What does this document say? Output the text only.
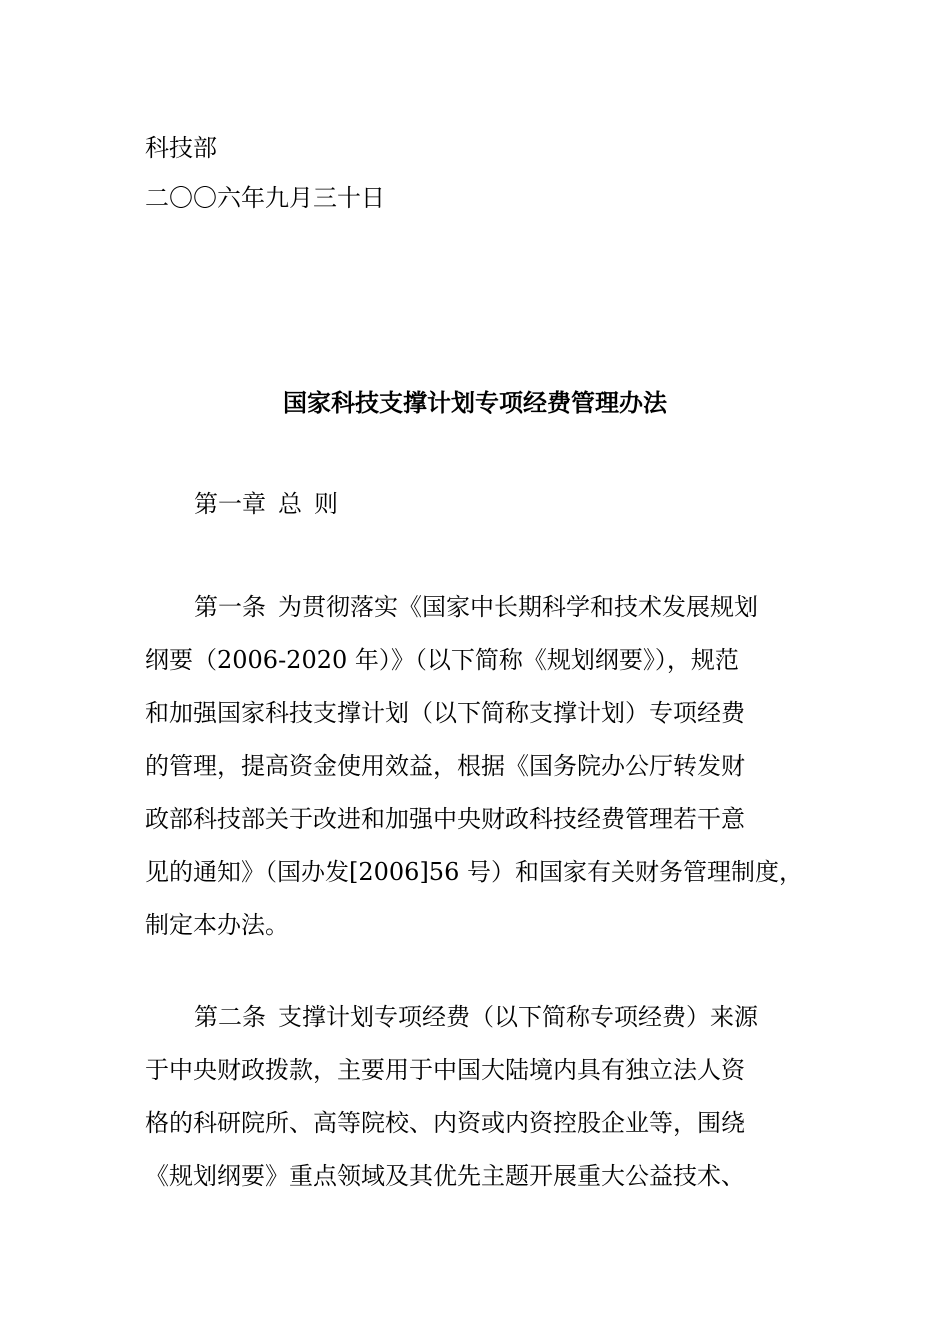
科技部
二〇〇六年九月三十日
国家科技支撑计划专项经费管理办法
第一章 总 则
第一条 为贯彻落实《国家中长期科学和技术发展规划
纲要（2006-2020 年）》（以下简称《规划纲要》），规范
和加强国家科技支撑计划（以下简称支撑计划）专项经费
的管理，提高资金使用效益，根据《国务院办公厅转发财
政部科技部关于改进和加强中央财政科技经费管理若干意
见的通知》（国办发[2006]56 号）和国家有关财务管理制度，
制定本办法。
第二条 支撑计划专项经费（以下简称专项经费）来源
于中央财政拨款，主要用于中国大陆境内具有独立法人资
格的科研院所、高等院校、内资或内资控股企业等，围绕
《规划纲要》重点领域及其优先主题开展重大公益技术、
